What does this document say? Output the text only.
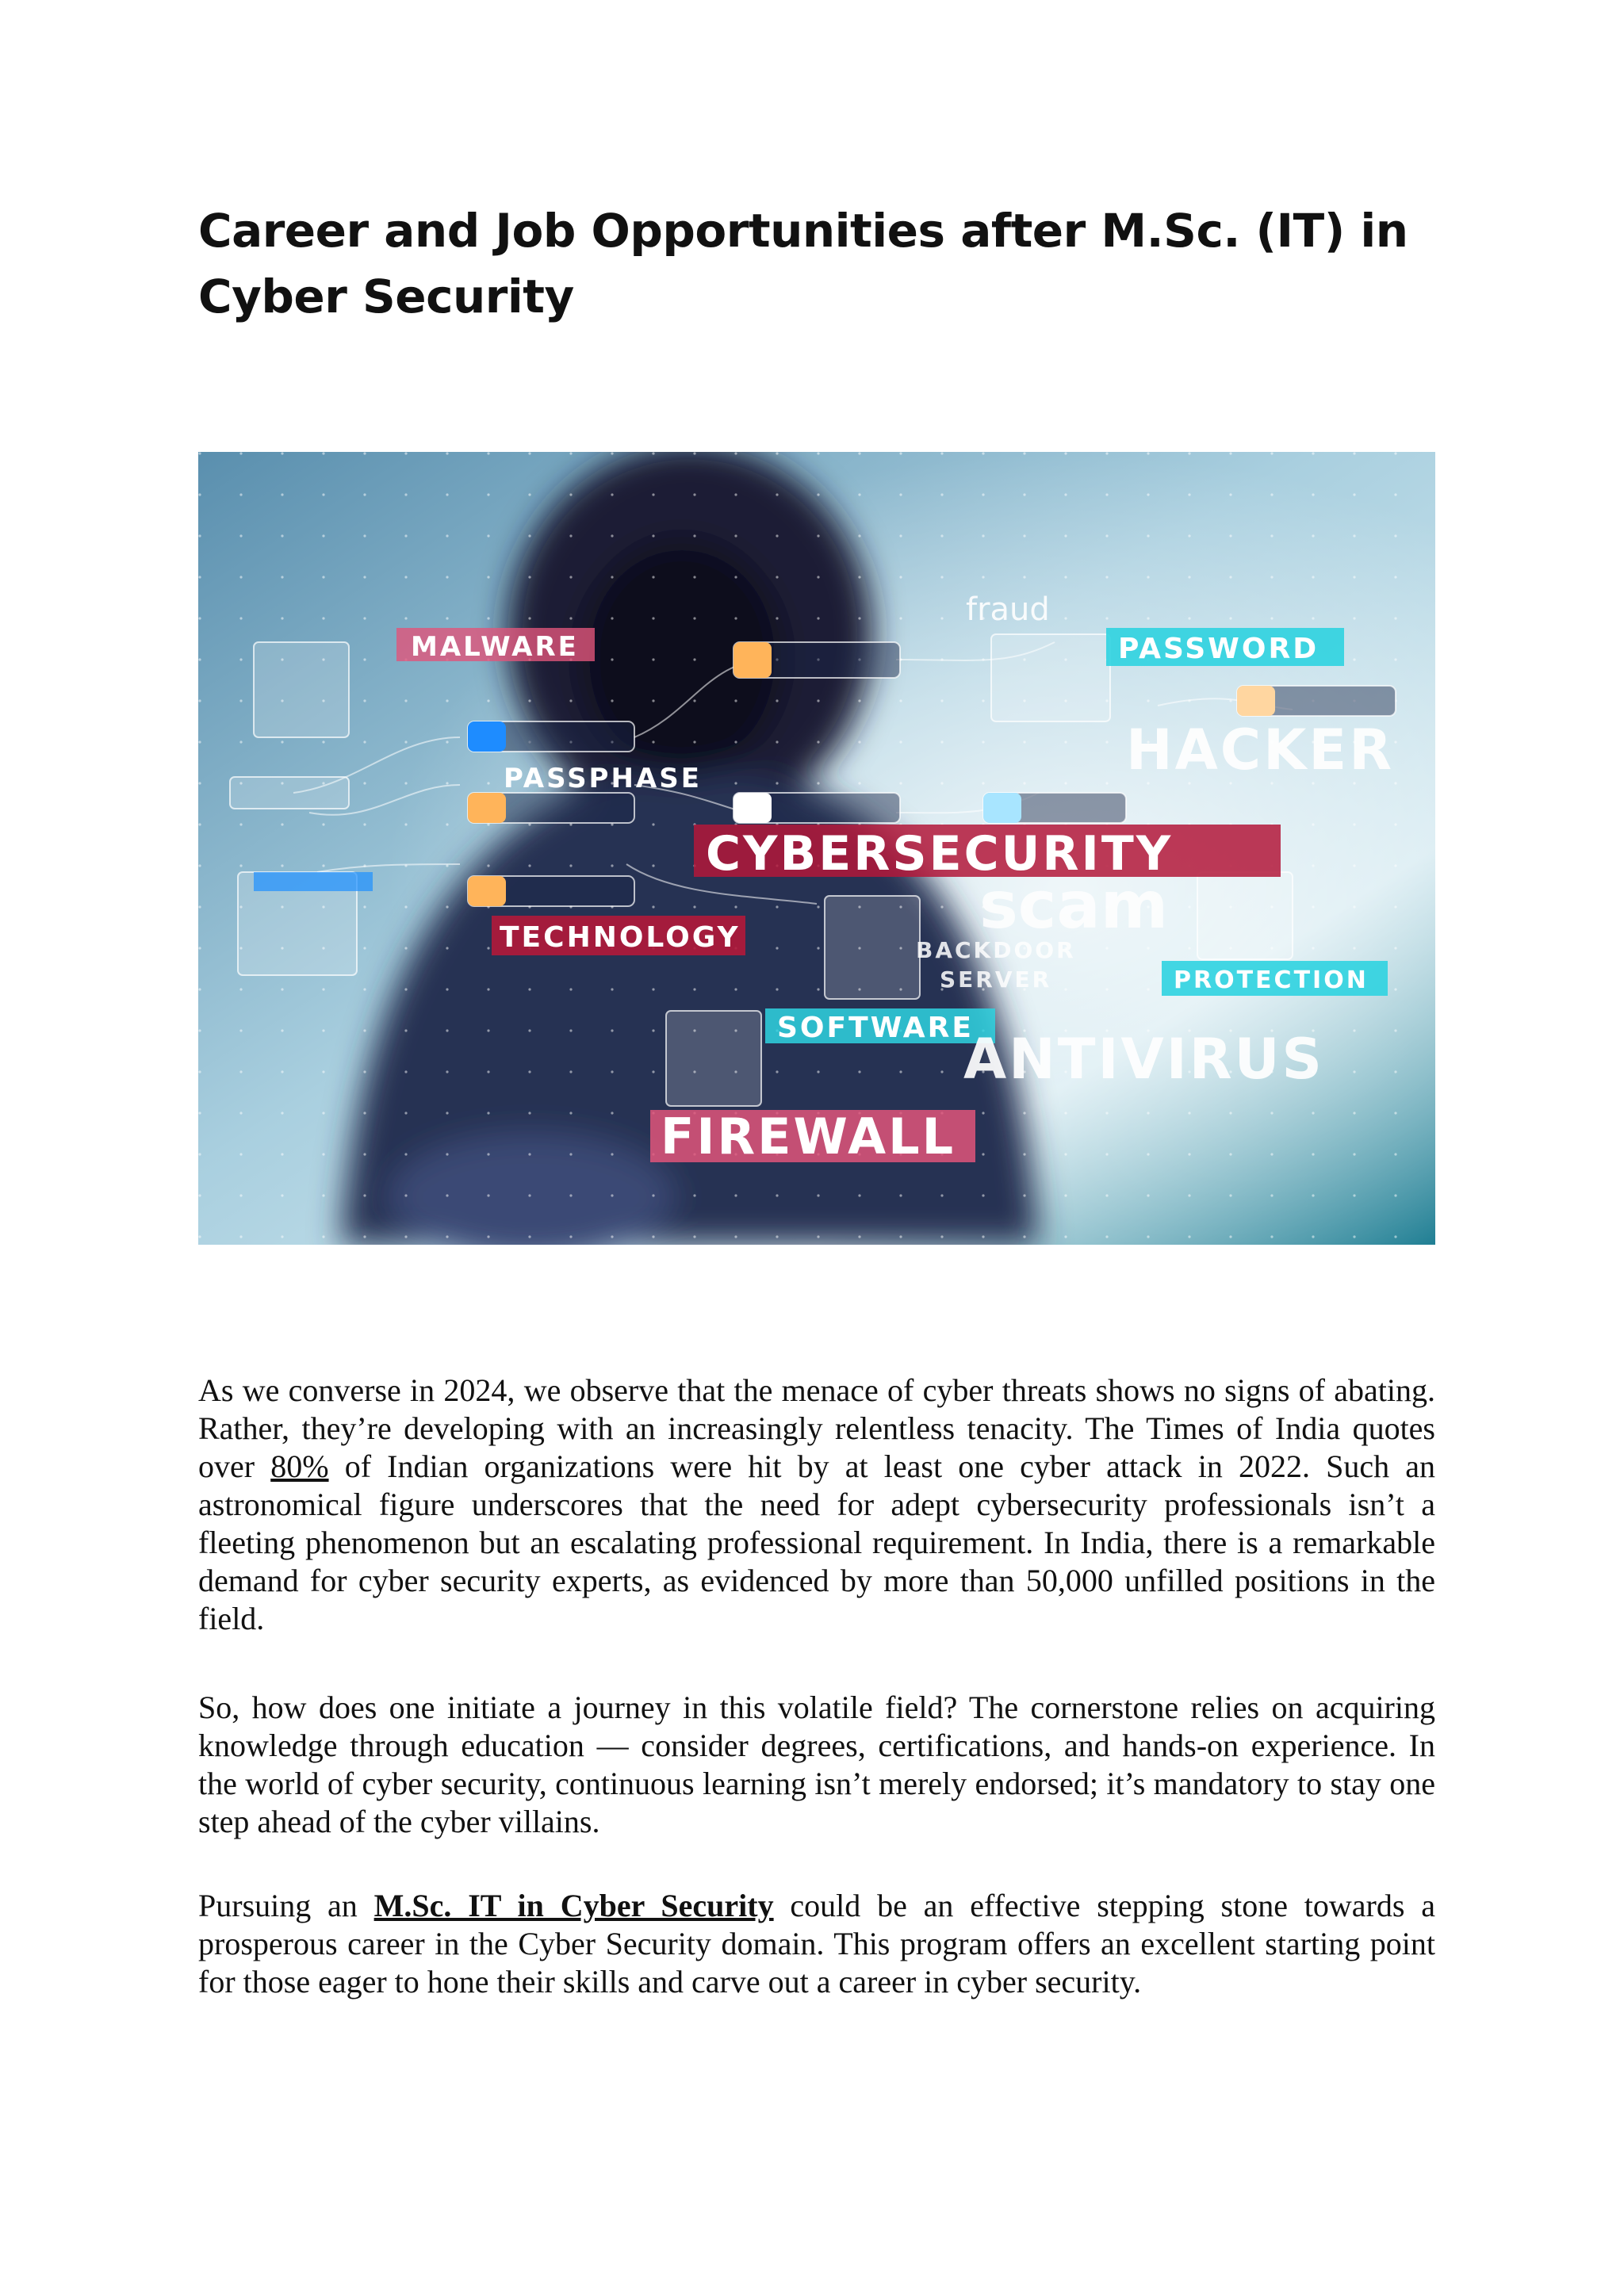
Career and Job Opportunities after M.Sc. (IT) in Cyber Security
MALWARE
fraud
PASSWORD
HACKER
PASSPHASE
CYBERSECURITY
scam
TECHNOLOGY	BACKDOOR
SERVER	PROTECTION
SOFTWARE
ANTIVIRUS
FIREWALL

As we converse in 2024, we observe that the menace of cyber threats shows no signs of abating. Rather, they’re developing with an increasingly relentless tenacity. The Times of India quotes over 80% of Indian organizations were hit by at least one cyber attack in 2022. Such an astronomical figure underscores that the need for adept cybersecurity professionals isn’t a fleeting phenomenon but an escalating professional requirement. In India, there is a remarkable demand for cyber security experts, as evidenced by more than 50,000 unfilled positions in the field.

So, how does one initiate a journey in this volatile field? The cornerstone relies on acquiring knowledge through education — consider degrees, certifications, and hands-on experience. In the world of cyber security, continuous learning isn’t merely endorsed; it’s mandatory to stay one step ahead of the cyber villains.

Pursuing an M.Sc. IT in Cyber Security could be an effective stepping stone towards a prosperous career in the Cyber Security domain. This program offers an excellent starting point for those eager to hone their skills and carve out a career in cyber security.
